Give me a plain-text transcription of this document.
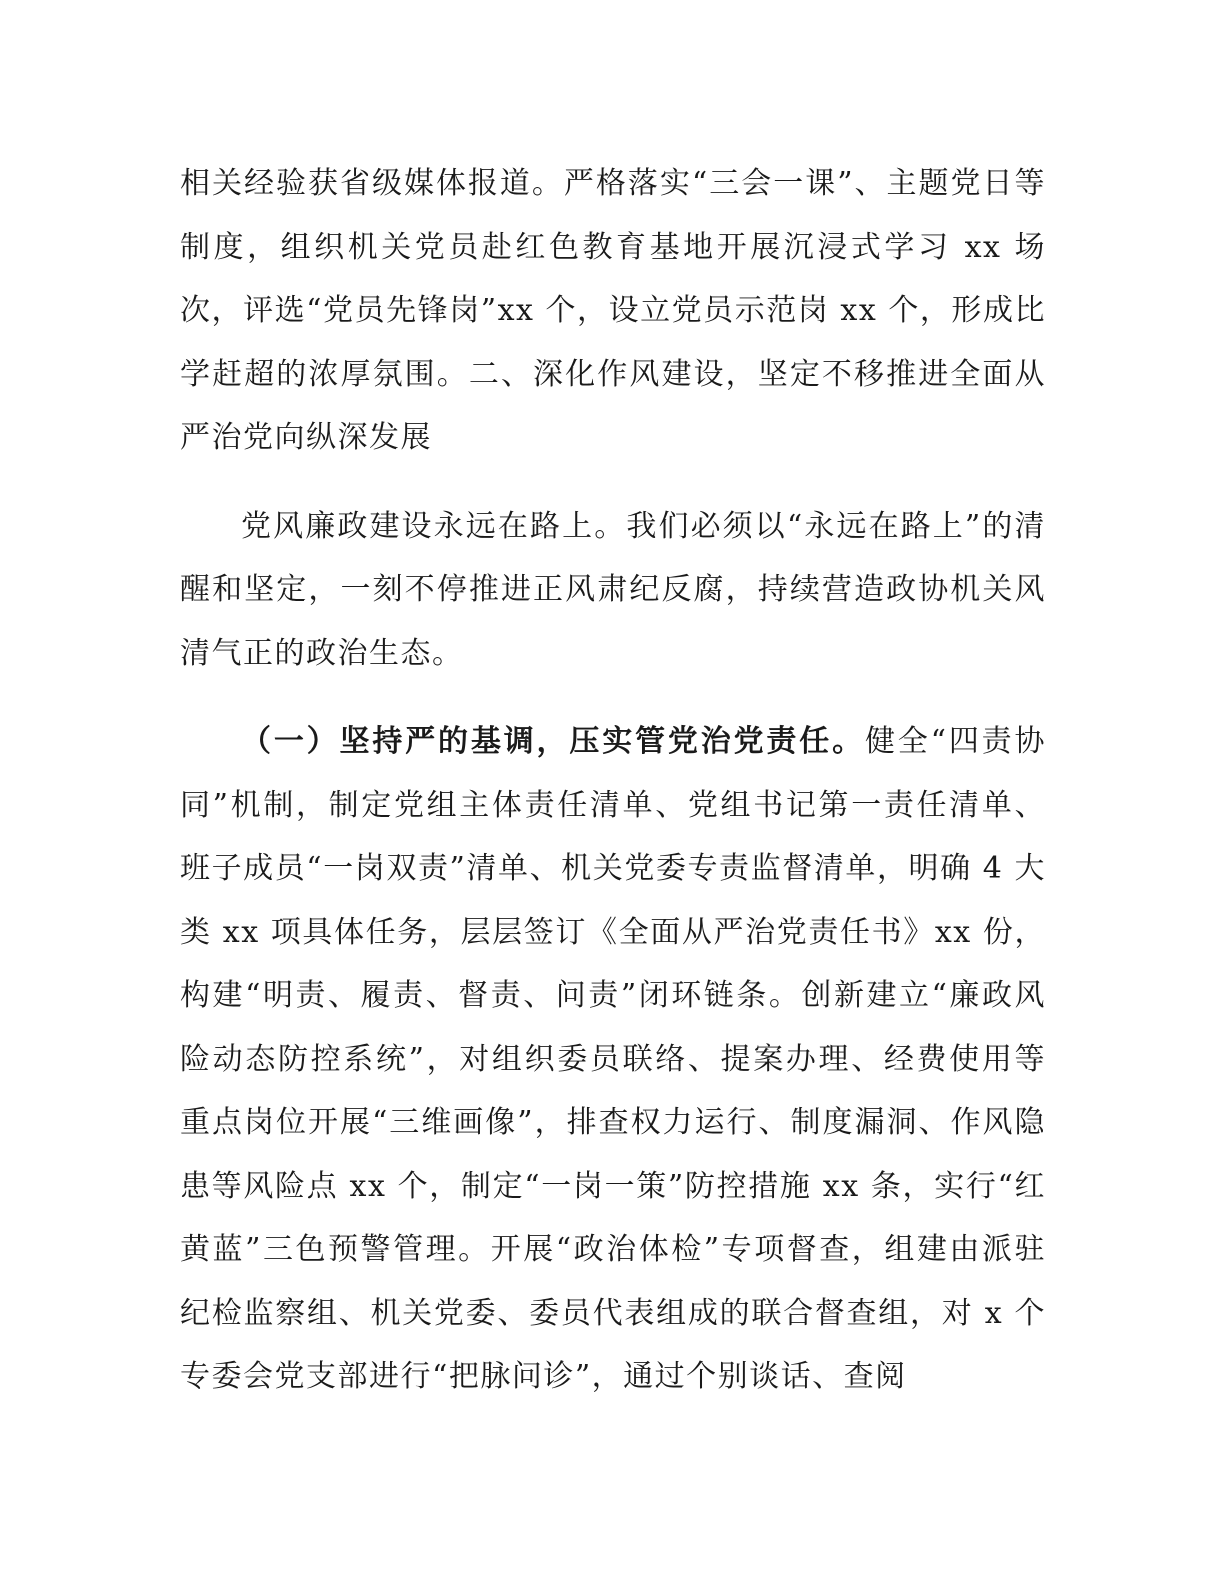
相关经验获省级媒体报道。严格落实“三会一课”、主题党日等制度，组织机关党员赴红色教育基地开展沉浸式学习 xx 场次，评选“党员先锋岗”xx 个，设立党员示范岗 xx 个，形成比学赶超的浓厚氛围。二、深化作风建设，坚定不移推进全面从严治党向纵深发展

党风廉政建设永远在路上。我们必须以“永远在路上”的清醒和坚定，一刻不停推进正风肃纪反腐，持续营造政协机关风清气正的政治生态。

（一）坚持严的基调，压实管党治党责任。健全“四责协同”机制，制定党组主体责任清单、党组书记第一责任清单、班子成员“一岗双责”清单、机关党委专责监督清单，明确 4 大类 xx 项具体任务，层层签订《全面从严治党责任书》xx 份，构建“明责、履责、督责、问责”闭环链条。创新建立“廉政风险动态防控系统”，对组织委员联络、提案办理、经费使用等重点岗位开展“三维画像”，排查权力运行、制度漏洞、作风隐患等风险点 xx 个，制定“一岗一策”防控措施 xx 条，实行“红黄蓝”三色预警管理。开展“政治体检”专项督查，组建由派驻纪检监察组、机关党委、委员代表组成的联合督查组，对 x 个专委会党支部进行“把脉问诊”，通过个别谈话、查阅
